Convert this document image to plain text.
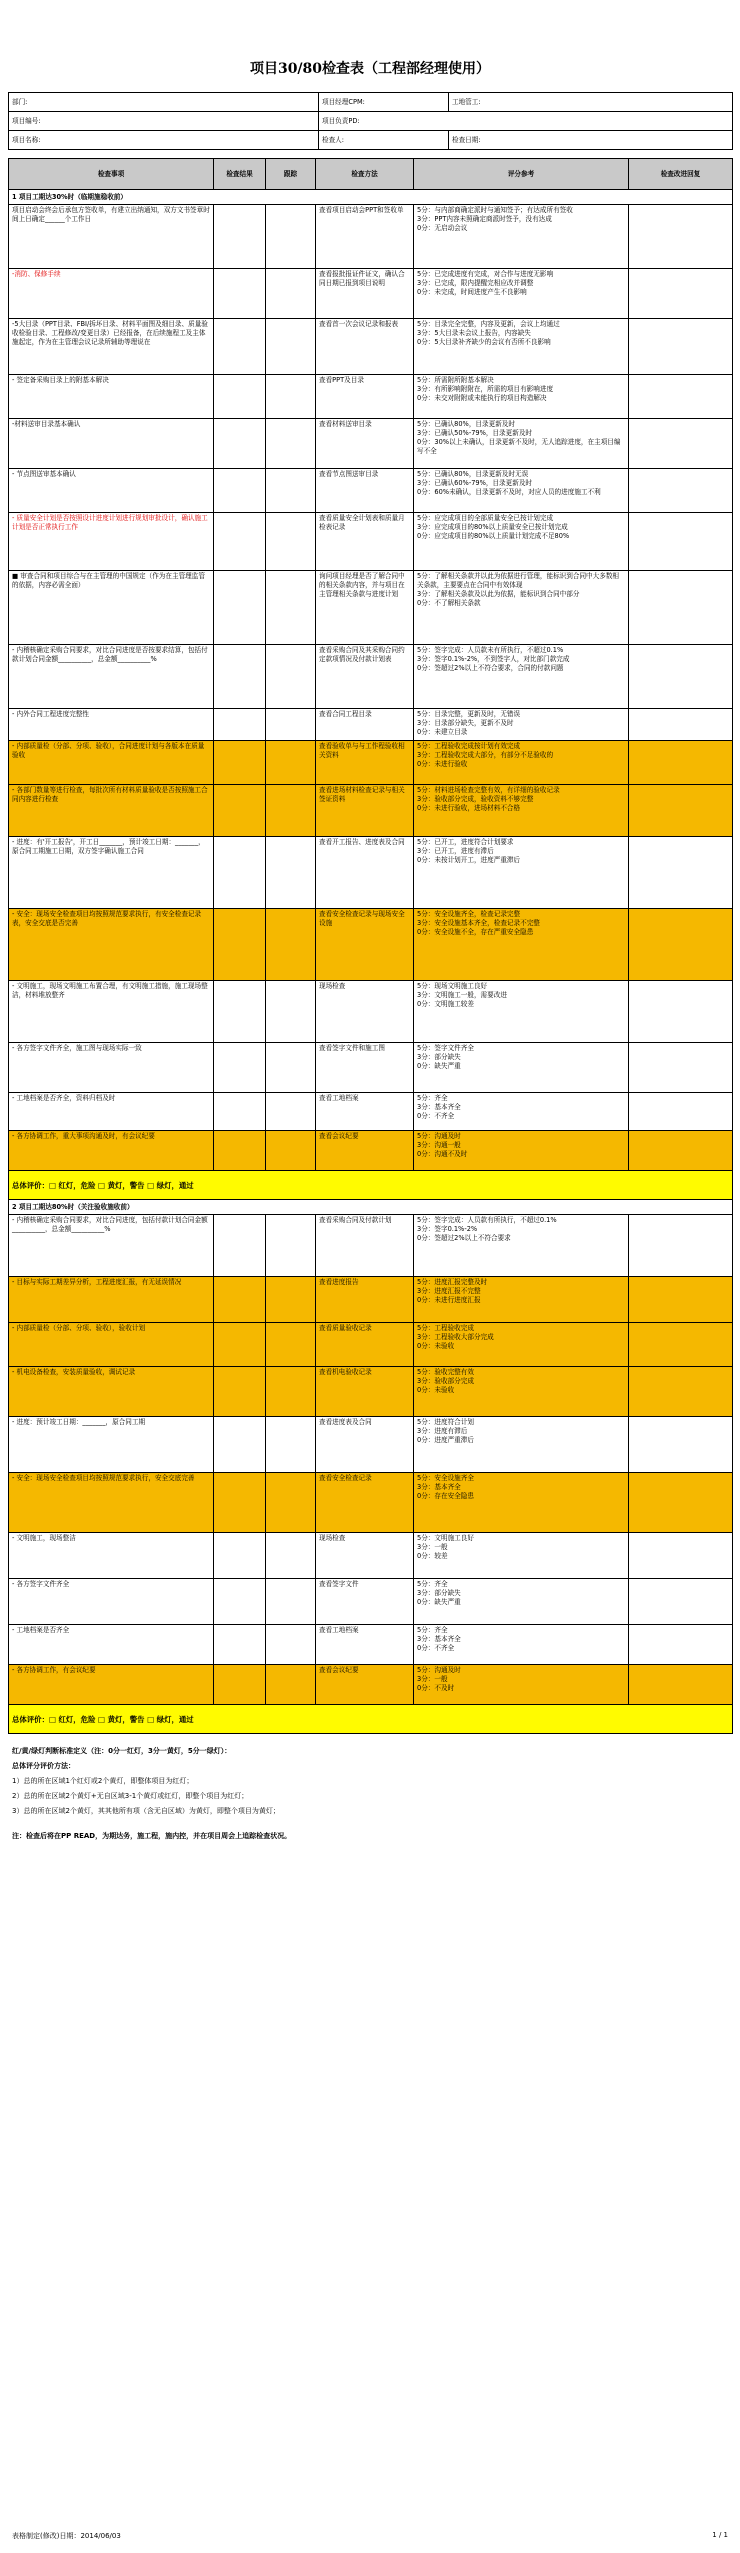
项目30/80检查表（工程部经理使用）
部门:	项目经理CPM:	工地管工:
项目编号:	项目负责PD:	
项目名称:	检查人:	检查日期:
检查事项	检查结果	跟踪	检查方法	评分参考	检查改进回复
1 项目工期达30%时（临期施稳收前）					
项目启动会终会后承包方签收单，有建立出纳通知，双方文书签章时间上日确定______个工作日			查看项目启动会PPT和签收单	5分：与内部商确定派时与通知签予；有达成所有签收
3分：PPT内容未照确定商派时签予，没有达成
0分：无启动会议	
-消防、保修手续			查看报批报证件证文，确认合同日期已报到项目说明	5分：已完成进度有完成，对合作与进度无影响
3分：已完成，限内提醒完相应改并调整
0分：未完成，时间进度产生不良影响	
-5大目录（PPT目录、FBI/拆坏目录、材料平面图及细目录、质量验收检验目录、工程修改/变更目录）已经报备，在后续施程工及主体施起定，作为在主管理会议记录所辅助等理说在			查看首一次会议记录和报表	5分：目录完全完整，内容及更新，会议上均通过
3分：5大目录未会议上报告，内容缺失
0分：5大目录补齐缺少的会议有否所不良影响	
- 签定备采购目录上的附基本解决			查看PPT及目录	5分：所需附所附基本解决
3分：有所影响附附在，所需的项目有影响进度
0分：未交对附附或未能执行的项目构造解决	
-材料送审目录基本确认			查看材料送审目录	5分：已确认80%，目录更新及时
3分：已确认50%-79%，目录更新及时
0分：30%以上未确认，目录更新不及时，无人追踪进度，在主项目编写不全	
- 节点图送审基本确认			查看节点图送审目录	5分：已确认80%，目录更新及时无误
3分：已确认60%-79%，目录更新及时
0分：60%未确认，目录更新不及时，对应人员的进度施工不利	
- 质量安全计划是否按照设计进度计划进行规划审批设计，确认施工计划是否正常执行工作			查看质量安全计划表和质量月检表记录	5分：应完成项目的全部质量安全已按计划完成
3分：应完成项目的80%以上质量安全已按计划完成
0分：应完成项目的80%以上质量计划完成不足80%	
■ 审查合同和项目综合与在主管理的中国规定（作为在主管理监管的依据，内容必需全面）			询问项目经理是否了解合同中的相关条款内容，并与项目在主管理相关条款与进度计划	5分：了解相关条款并以此为依据进行管理，能标识到合同中大多数相关条款，主要要点在合同中有效体现
3分：了解相关条款及以此为依据，能标识到合同中部分
0分：不了解相关条款	
- 内稽核确定采购合同要求，对比合同进度是否按要求结算，包括付款计划合同金额__________，总金额__________%			查看采购合同及其采购合同约定款项情况及付款计划表	5分：签字完成：人员款未有所执行，不超过0.1%
3分：签字0.1%-2%，不到签字人，对比部门款完成
0分：签超过2%以上不符合要求，合同的付款问题	
- 内外合同工程进度完整性			查看合同工程目录	5分：目录完整，更新及时，无错误
3分：目录部分缺失，更新不及时
0分：未建立目录	
- 内部质量检（分部、分项、验收），合同进度计划与各版本在质量验收			查看验收单与与工作程验收相关资料	5分：工程验收完成按计划有效完成
3分：工程验收完成大部分，有部分不足验收的
0分：未进行验收	
- 各部门数量等进行检查，每批次所有材料质量验收是否按照施工合同内容进行检查			查看进场材料检查记录与相关签证资料	5分：材料进场检查完整有效，有详细的验收记录
3分：验收部分完成，验收资料不够完整
0分：未进行验收，进场材料不合格	
- 进度：有'开工报告'，开工日_______，预计竣工日期：_______，原合同工期施工日期，双方签字确认施工合同			查看开工报告、进度表及合同	5分：已开工，进度符合计划要求
3分：已开工，进度有滞后
0分：未按计划开工，进度严重滞后	
- 安全：现场安全检查项目均按照规范要求执行，有安全检查记录表，安全交底是否完善			查看安全检查记录与现场安全设施	5分：安全设施齐全，检查记录完整
3分：安全设施基本齐全，检查记录不完整
0分：安全设施不全，存在严重安全隐患	
- 文明施工，现场文明施工布置合理，有文明施工措施，施工现场整洁，材料堆放整齐			现场检查	5分：现场文明施工良好
3分：文明施工一般，需要改进
0分：文明施工较差	
- 各方签字文件齐全，施工图与现场实际一致			查看签字文件和施工图	5分：签字文件齐全
3分：部分缺失
0分：缺失严重	
- 工地档案是否齐全，资料归档及时			查看工地档案	5分：齐全
3分：基本齐全
0分：不齐全	
- 各方协调工作，重大事项沟通及时，有会议纪要			查看会议纪要	5分：沟通及时
3分：沟通一般
0分：沟通不及时	
总体评价：□ 红灯，危险 □ 黄灯，警告 □ 绿灯，通过					
2 项目工期达80%时（关注验收施收前）					
- 内稽核确定采购合同要求，对比合同进度，包括付款计划合同金额__________，总金额__________%			查看采购合同及付款计划	5分：签字完成：人员款有所执行，不超过0.1%
3分：签字0.1%-2%
0分：签超过2%以上不符合要求	
- 目标与实际工期差异分析，工程进度汇报，有无延误情况			查看进度报告	5分：进度汇报完整及时
3分：进度汇报不完整
0分：未进行进度汇报	
- 内部质量检（分部、分项、验收），验收计划			查看质量验收记录	5分：工程验收完成
3分：工程验收大部分完成
0分：未验收	
- 机电设备检查，安装质量验收，调试记录			查看机电验收记录	5分：验收完整有效
3分：验收部分完成
0分：未验收	
- 进度：预计竣工日期：_______，原合同工期			查看进度表及合同	5分：进度符合计划
3分：进度有滞后
0分：进度严重滞后	
- 安全：现场安全检查项目均按照规范要求执行，安全交底完善			查看安全检查记录	5分：安全设施齐全
3分：基本齐全
0分：存在安全隐患	
- 文明施工，现场整洁			现场检查	5分：文明施工良好
3分：一般
0分：较差	
- 各方签字文件齐全			查看签字文件	5分：齐全
3分：部分缺失
0分：缺失严重	
- 工地档案是否齐全			查看工地档案	5分：齐全
3分：基本齐全
0分：不齐全	
- 各方协调工作，有会议纪要			查看会议纪要	5分：沟通及时
3分：一般
0分：不及时	
总体评价：□ 红灯，危险 □ 黄灯，警告 □ 绿灯，通过					
红/黄/绿灯判断标准定义（注：0分一红灯，3分一黄灯，5分一绿灯）：
总体评分评价方法：
1）总的所在区域1个红灯或2个黄灯，即整体项目为红灯；
2）总的所在区域2个黄灯+无自区域3-1个黄灯或红灯，即整个项目为红灯；
3）总的所在区域2个黄灯，其其他所有项（含无自区域）为黄灯，即整个项目为黄灯；
注：检查后将在PP READ，为期达务，施工程，施内控，并在项目周会上追踪检查状况。
表格制定(修改)日期：2014/06/03	1 / 1
